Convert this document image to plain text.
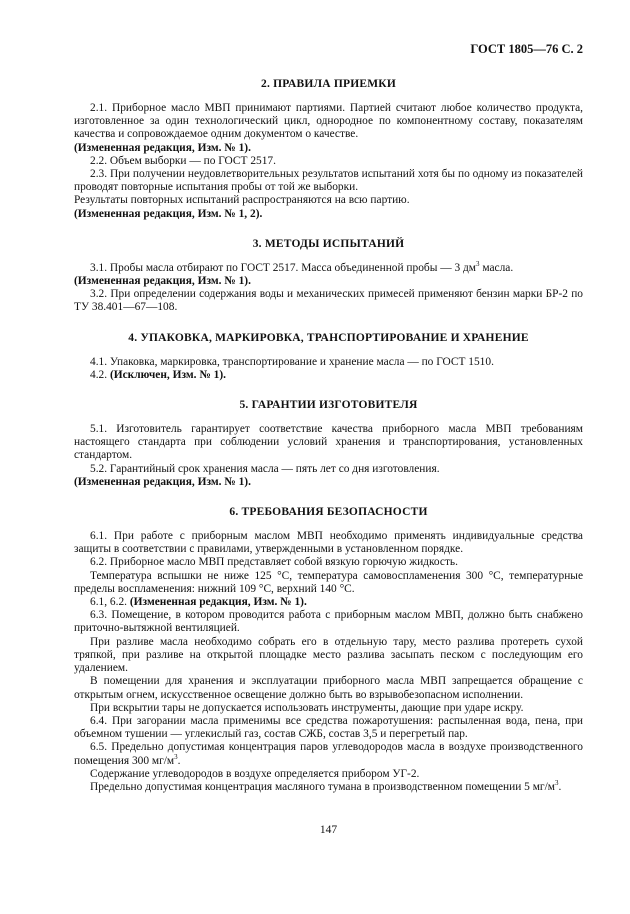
ГОСТ 1805—76 С. 2
2. ПРАВИЛА ПРИЕМКИ

2.1. Приборное масло МВП принимают партиями. Партией считают любое количество продукта, изготовленное за один технологический цикл, однородное по компонентному составу, показателям качества и сопровождаемое одним документом о качестве.

(Измененная редакция, Изм. № 1).

2.2. Объем выборки — по ГОСТ 2517.

2.3. При получении неудовлетворительных результатов испытаний хотя бы по одному из показателей проводят повторные испытания пробы от той же выборки.

Результаты повторных испытаний распространяются на всю партию.

(Измененная редакция, Изм. № 1, 2).

3. МЕТОДЫ ИСПЫТАНИЙ

3.1. Пробы масла отбирают по ГОСТ 2517. Масса объединенной пробы — 3 $дм^3$ масла.

(Измененная редакция, Изм. № 1).

3.2. При определении содержания воды и механических примесей применяют бензин марки БР-2 по ТУ 38.401—67—108.

4. УПАКОВКА, МАРКИРОВКА, ТРАНСПОРТИРОВАНИЕ И ХРАНЕНИЕ

4.1. Упаковка, маркировка, транспортирование и хранение масла — по ГОСТ 1510.

4.2. (Исключен, Изм. № 1).

5. ГАРАНТИИ ИЗГОТОВИТЕЛЯ

5.1. Изготовитель гарантирует соответствие качества приборного масла МВП требованиям настоящего стандарта при соблюдении условий хранения и транспортирования, установленных стандартом.

5.2. Гарантийный срок хранения масла — пять лет со дня изготовления.

(Измененная редакция, Изм. № 1).

6. ТРЕБОВАНИЯ БЕЗОПАСНОСТИ

6.1. При работе с приборным маслом МВП необходимо применять индивидуальные средства защиты в соответствии с правилами, утвержденными в установленном порядке.

6.2. Приборное масло МВП представляет собой вязкую горючую жидкость.

Температура вспышки не ниже 125 °С, температура самовоспламенения 300 °С, температурные пределы воспламенения: нижний 109 °С, верхний 140 °С.

6.1, 6.2. (Измененная редакция, Изм. № 1).

6.3. Помещение, в котором проводится работа с приборным маслом МВП, должно быть снабжено приточно-вытяжной вентиляцией.

При разливе масла необходимо собрать его в отдельную тару, место разлива протереть сухой тряпкой, при разливе на открытой площадке место разлива засыпать песком с последующим его удалением.

В помещении для хранения и эксплуатации приборного масла МВП запрещается обращение с открытым огнем, искусственное освещение должно быть во взрывобезопасном исполнении.

При вскрытии тары не допускается использовать инструменты, дающие при ударе искру.

6.4. При загорании масла применимы все средства пожаротушения: распыленная вода, пена, при объемном тушении — углекислый газ, состав СЖБ, состав 3,5 и перегретый пар.

6.5. Предельно допустимая концентрация паров углеводородов масла в воздухе производственного помещения 300 $мг/м^3$.

Содержание углеводородов в воздухе определяется прибором УГ-2.

Предельно допустимая концентрация масляного тумана в производственном помещении 5 $мг/м^3$.

147
